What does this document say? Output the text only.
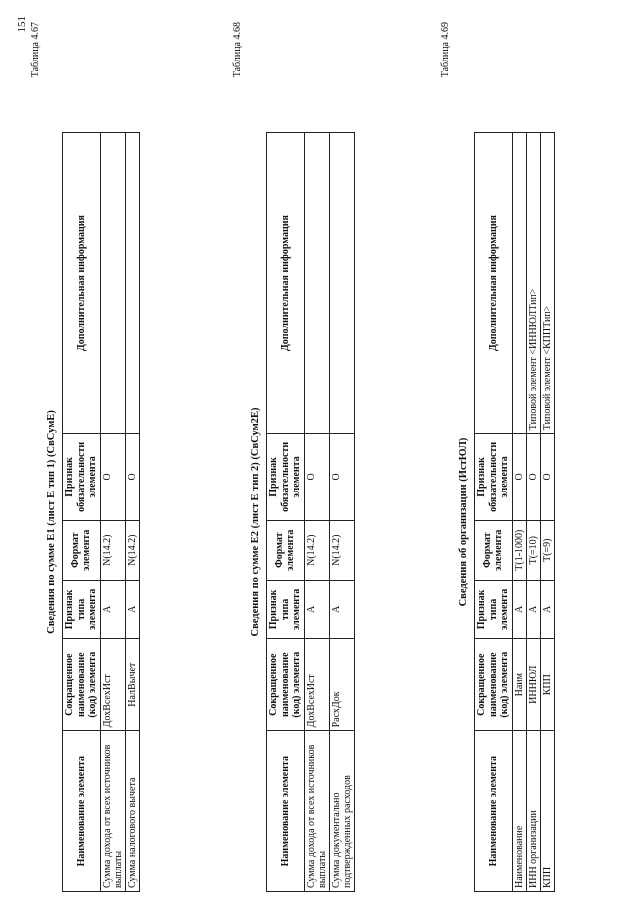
151 Таблица 4.67
Сведения по сумме Е1 (лист Е тип 1) (СвСумЕ)
Наименование элемента	Сокращенное наименование (код) элемента	Признак типа элемента	Формат элемента	Признак обязательности элемента	Дополнительная информация
Сумма дохода от всех источников выплаты	ДохВсехИст	А	N(14.2)	О	
Сумма налогового вычета	НалВычет	А	N(14.2)	О	
Таблица 4.68
Сведения по сумме Е2 (лист Е тип 2) (СвСум2Е)
Наименование элемента	Сокращенное наименование (код) элемента	Признак типа элемента	Формат элемента	Признак обязательности элемента	Дополнительная информация
Сумма дохода от всех источников выплаты	ДохВсехИст	А	N(14.2)	О	
Сумма документально подтвержденных расходов	РасхДок	А	N(14.2)	О	
Таблица 4.69
Сведения об организации (ИстЮЛ)
Наименование элемента	Сокращенное наименование (код) элемента	Признак типа элемента	Формат элемента	Признак обязательности элемента	Дополнительная информация
Наименование	Наим	А	Т(1-1000)	О	
ИНН организации	ИННЮЛ	А	Т(=10)	О	Типовой элемент <ИННЮЛТип>
КПП	КПП	А	Т(=9)	О	Типовой элемент <КППТип>
